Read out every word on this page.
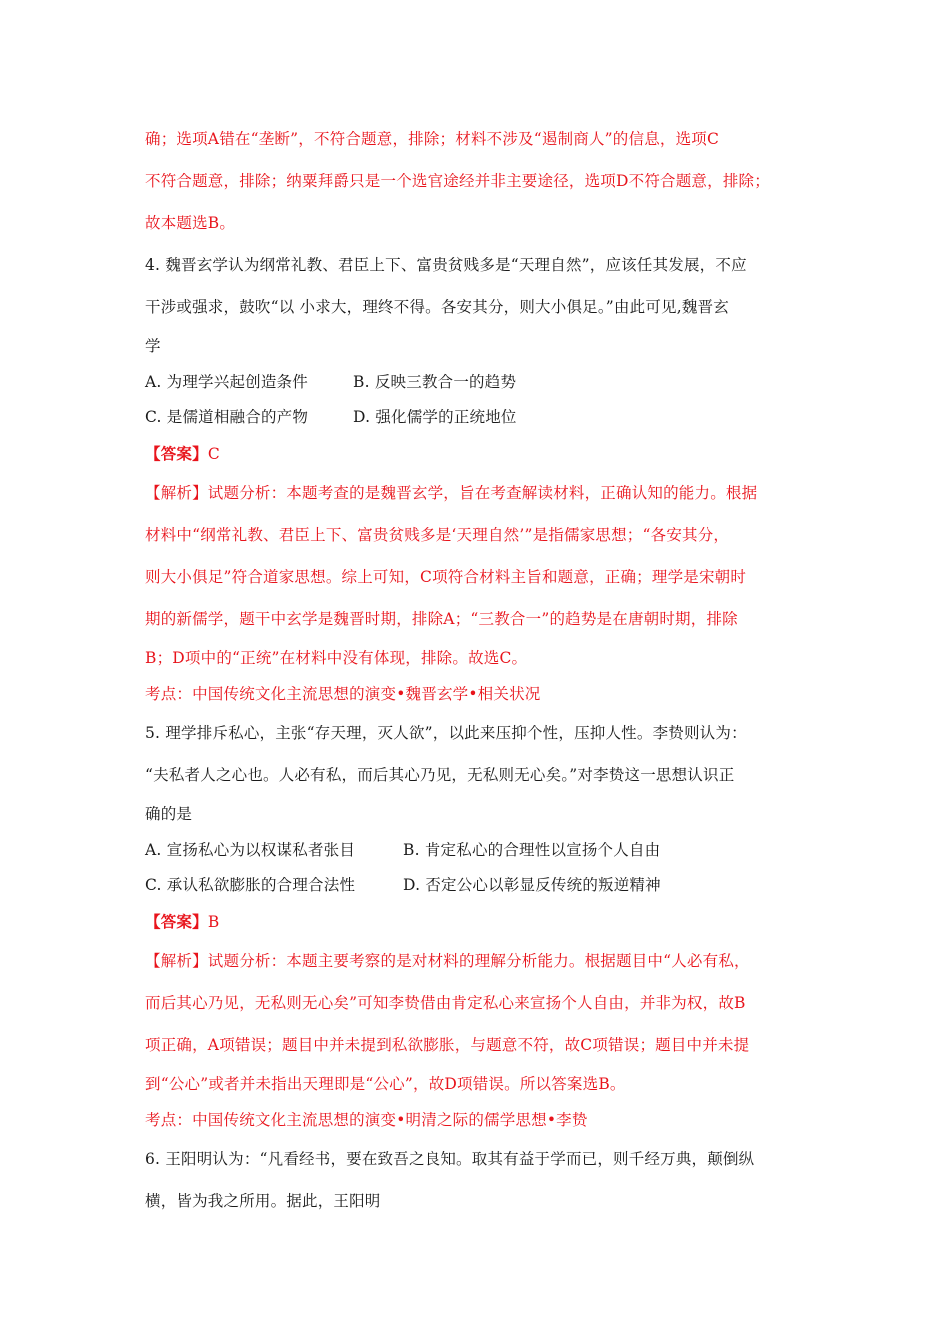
确；选项A错在“垄断”，不符合题意，排除；材料不涉及“遏制商人”的信息，选项C
不符合题意，排除；纳粟拜爵只是一个选官途经并非主要途径，选项D不符合题意，排除；
故本题选B。
4. 魏晋玄学认为纲常礼教、君臣上下、富贵贫贱多是“天理自然”，应该任其发展，不应
干涉或强求，鼓吹“以 小求大，理终不得。各安其分，则大小俱足。”由此可见,魏晋玄
学
A. 为理学兴起创造条件	B. 反映三教合一的趋势
C. 是儒道相融合的产物	D. 强化儒学的正统地位
【答案】C
【解析】试题分析：本题考查的是魏晋玄学，旨在考查解读材料，正确认知的能力。根据
材料中“纲常礼教、君臣上下、富贵贫贱多是‘天理自然’”是指儒家思想；“各安其分，
则大小俱足”符合道家思想。综上可知，C项符合材料主旨和题意，正确；理学是宋朝时
期的新儒学，题干中玄学是魏晋时期，排除A；“三教合一”的趋势是在唐朝时期，排除
B；D项中的“正统”在材料中没有体现，排除。故选C。
考点：中国传统文化主流思想的演变•魏晋玄学•相关状况
5. 理学排斥私心，主张“存天理，灭人欲”，以此来压抑个性，压抑人性。李贽则认为：
“夫私者人之心也。人必有私，而后其心乃见，无私则无心矣。”对李贽这一思想认识正
确的是
A. 宣扬私心为以权谋私者张目	B. 肯定私心的合理性以宣扬个人自由
C. 承认私欲膨胀的合理合法性	D. 否定公心以彰显反传统的叛逆精神
【答案】B
【解析】试题分析：本题主要考察的是对材料的理解分析能力。根据题目中“人必有私，
而后其心乃见，无私则无心矣”可知李贽借由肯定私心来宣扬个人自由，并非为权，故B
项正确，A项错误；题目中并未提到私欲膨胀，与题意不符，故C项错误；题目中并未提
到“公心”或者并未指出天理即是“公心”，故D项错误。所以答案选B。
考点：中国传统文化主流思想的演变•明清之际的儒学思想•李贽
6. 王阳明认为：“凡看经书，要在致吾之良知。取其有益于学而已，则千经万典，颠倒纵
横，皆为我之所用。据此，王阳明
